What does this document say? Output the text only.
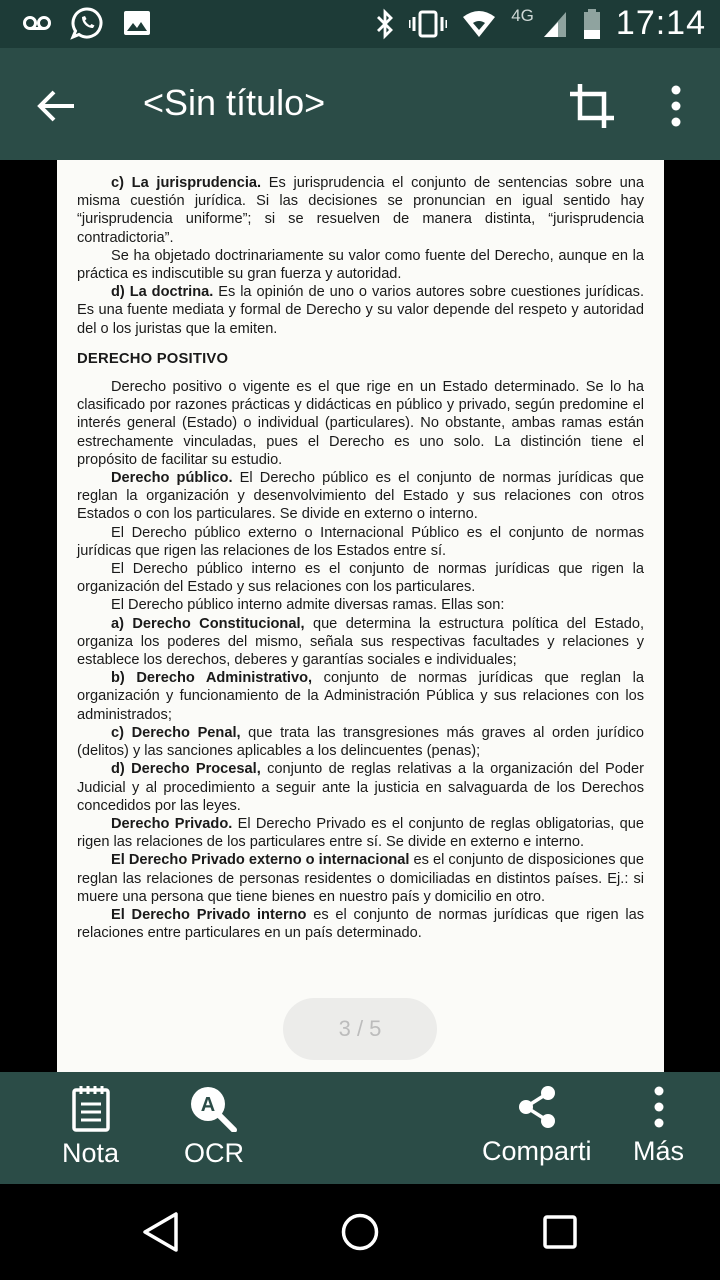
4G 17:14
<Sin título>

c) La jurisprudencia. Es jurisprudencia el conjunto de sentencias sobre una misma cuestión jurídica. Si las decisiones se pronuncian en igual sentido hay “jurisprudencia uniforme”; si se resuelven de manera distinta, “jurisprudencia contradictoria”.

Se ha objetado doctrinariamente su valor como fuente del Derecho, aunque en la práctica es indiscutible su gran fuerza y autoridad.

d) La doctrina. Es la opinión de uno o varios autores sobre cuestiones jurídicas. Es una fuente mediata y formal de Derecho y su valor depende del respeto y autoridad del o los juristas que la emiten.

DERECHO POSITIVO

Derecho positivo o vigente es el que rige en un Estado determinado. Se lo ha clasificado por razones prácticas y didácticas en público y privado, según predomine el interés general (Estado) o individual (particulares). No obstante, ambas ramas están estrechamente vinculadas, pues el Derecho es uno solo. La distinción tiene el propósito de facilitar su estudio.

Derecho público. El Derecho público es el conjunto de normas jurídicas que reglan la organización y desenvolvimiento del Estado y sus relaciones con otros Estados o con los particulares. Se divide en externo o interno.

El Derecho público externo o Internacional Público es el conjunto de normas jurídicas que rigen las relaciones de los Estados entre sí.

El Derecho público interno es el conjunto de normas jurídicas que rigen la organización del Estado y sus relaciones con los particulares.

El Derecho público interno admite diversas ramas. Ellas son:

a) Derecho Constitucional, que determina la estructura política del Estado, organiza los poderes del mismo, señala sus respectivas facultades y relaciones y establece los derechos, deberes y garantías sociales e individuales;

b) Derecho Administrativo, conjunto de normas jurídicas que reglan la organización y funcionamiento de la Administración Pública y sus relaciones con los administrados;

c) Derecho Penal, que trata las transgresiones más graves al orden jurídico (delitos) y las sanciones aplicables a los delincuentes (penas);

d) Derecho Procesal, conjunto de reglas relativas a la organización del Poder Judicial y al procedimiento a seguir ante la justicia en salvaguarda de los Derechos concedidos por las leyes.

Derecho Privado. El Derecho Privado es el conjunto de reglas obligatorias, que rigen las relaciones de los particulares entre sí. Se divide en externo e interno.

El Derecho Privado externo o internacional es el conjunto de disposiciones que reglan las relaciones de personas residentes o domiciliadas en distintos países. Ej.: si muere una persona que tiene bienes en nuestro país y domicilio en otro.

El Derecho Privado interno es el conjunto de normas jurídicas que rigen las relaciones entre particulares en un país determinado.

3 / 5
Nota
A
OCR	Comparti Más
